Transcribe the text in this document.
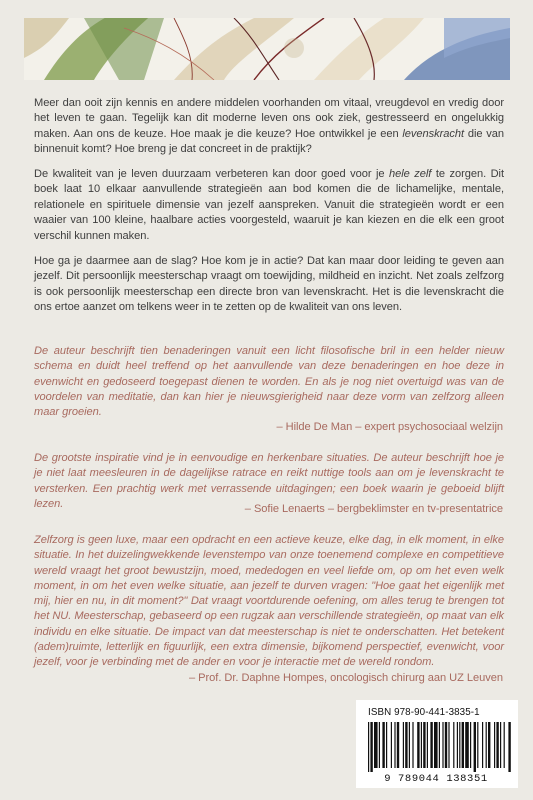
Meer dan ooit zijn kennis en andere middelen voorhanden om vitaal, vreugdevol en vredig door het leven te gaan. Tegelijk kan dit moderne leven ons ook ziek, gestresseerd en ongelukkig maken. Aan ons de keuze. Hoe maak je die keuze? Hoe ontwikkel je een levenskracht die van binnenuit komt? Hoe breng je dat concreet in de praktijk?

De kwaliteit van je leven duurzaam verbeteren kan door goed voor je hele zelf te zorgen. Dit boek laat 10 elkaar aanvullende strategieën aan bod komen die de lichamelijke, mentale, relationele en spirituele dimensie van jezelf aanspreken. Vanuit die strategieën wordt er een waaier van 100 kleine, haalbare acties voorgesteld, waaruit je kan kiezen en die elk een groot verschil kunnen maken.

Hoe ga je daarmee aan de slag? Hoe kom je in actie? Dat kan maar door leiding te geven aan jezelf. Dit persoonlijk meesterschap vraagt om toewijding, mildheid en inzicht. Net zoals zelfzorg is ook persoonlijk meesterschap een directe bron van levenskracht. Het is die levenskracht die ons ertoe aanzet om telkens weer in te zetten op de kwaliteit van ons leven.

De auteur beschrijft tien benaderingen vanuit een licht filosofische bril in een helder nieuw schema en duidt heel treffend op het aanvullende van deze benaderingen en hoe deze in evenwicht en gedoseerd toegepast dienen te worden. En als je nog niet overtuigd was van de voordelen van meditatie, dan kan hier je nieuwsgierigheid naar deze vorm van zelfzorg alleen maar groeien.

– Hilde De Man – expert psychosociaal welzijn

De grootste inspiratie vind je in eenvoudige en herkenbare situaties. De auteur beschrijft hoe je je niet laat meesleuren in de dagelijkse ratrace en reikt nuttige tools aan om je levenskracht te versterken. Een prachtig werk met verrassende uitdagingen; een boek waarin je geboeid blijft lezen.	– Sofie Lenaerts – bergbeklimster en tv-presentatrice

Zelfzorg is geen luxe, maar een opdracht en een actieve keuze, elke dag, in elk moment, in elke situatie. In het duizelingwekkende levenstempo van onze toenemend complexe en competitieve wereld vraagt het groot bewustzijn, moed, mededogen en veel liefde om, op om het even welk moment, in om het even welke situatie, aan jezelf te durven vragen: "Hoe gaat het eigenlijk met mij, hier en nu, in dit moment?" Dat vraagt voortdurende oefening, om alles terug te brengen tot het NU. Meesterschap, gebaseerd op een rugzak aan verschillende strategieën, op maat van elk individu en elke situatie. De impact van dat meesterschap is niet te onderschatten. Het betekent (adem)ruimte, letterlijk en figuurlijk, een extra dimensie, bijkomend perspectief, evenwicht, voor jezelf, voor je verbinding met de ander en voor je interactie met de wereld rondom.

– Prof. Dr. Daphne Hompes, oncologisch chirurg aan UZ Leuven
ISBN 978-90-441-3835-1
9 789044 138351
